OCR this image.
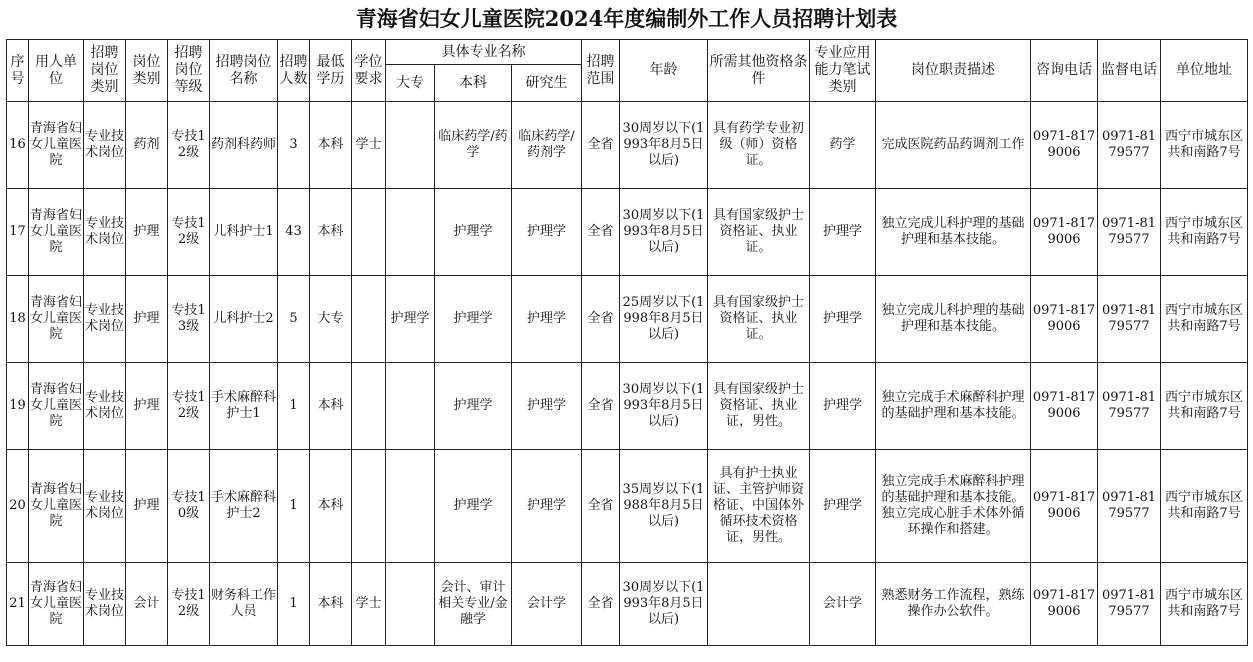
青海省妇女儿童医院2024年度编制外工作人员招聘计划表
序号	用人单位	招聘岗位类别	岗位类别	招聘岗位等级	招聘岗位名称	招聘人数	最低学历	学位要求	具体专业名称			招聘范围	年龄	所需其他资格条件	专业应用能力笔试类别	岗位职责描述	咨询电话	监督电话	单位地址
									大专	本科	研究生								
16	青海省妇女儿童医院	专业技术岗位	药剂	专技12级	药剂科药师	3	本科	学士		临床药学/药学	临床药学/药剂学	全省	30周岁以下(1993年8月5日以后)	具有药学专业初级（师）资格证。	药学	完成医院药品药调剂工作	0971-8179006	0971-8179577	西宁市城东区共和南路7号
17	青海省妇女儿童医院	专业技术岗位	护理	专技12级	儿科护士1	43	本科			护理学	护理学	全省	30周岁以下(1993年8月5日以后)	具有国家级护士资格证、执业证。	护理学	独立完成儿科护理的基础护理和基本技能。	0971-8179006	0971-8179577	西宁市城东区共和南路7号
18	青海省妇女儿童医院	专业技术岗位	护理	专技13级	儿科护士2	5	大专		护理学	护理学	护理学	全省	25周岁以下(1998年8月5日以后)	具有国家级护士资格证、执业证。	护理学	独立完成儿科护理的基础护理和基本技能。	0971-8179006	0971-8179577	西宁市城东区共和南路7号
19	青海省妇女儿童医院	专业技术岗位	护理	专技12级	手术麻醉科护士1	1	本科			护理学	护理学	全省	30周岁以下(1993年8月5日以后)	具有国家级护士资格证、执业证，男性。	护理学	独立完成手术麻醉科护理的基础护理和基本技能。	0971-8179006	0971-8179577	西宁市城东区共和南路7号
20	青海省妇女儿童医院	专业技术岗位	护理	专技10级	手术麻醉科护士2	1	本科			护理学	护理学	全省	35周岁以下(1988年8月5日以后)	具有护士执业证、主管护师资格证、中国体外循环技术资格证，男性。	护理学	独立完成手术麻醉科护理的基础护理和基本技能。独立完成心脏手术体外循环操作和搭建。	0971-8179006	0971-8179577	西宁市城东区共和南路7号
21	青海省妇女儿童医院	专业技术岗位	会计	专技12级	财务科工作人员	1	本科	学士		会计、审计相关专业/金融学	会计学	全省	30周岁以下(1993年8月5日以后)		会计学	熟悉财务工作流程，熟练操作办公软件。	0971-8179006	0971-8179577	西宁市城东区共和南路7号
